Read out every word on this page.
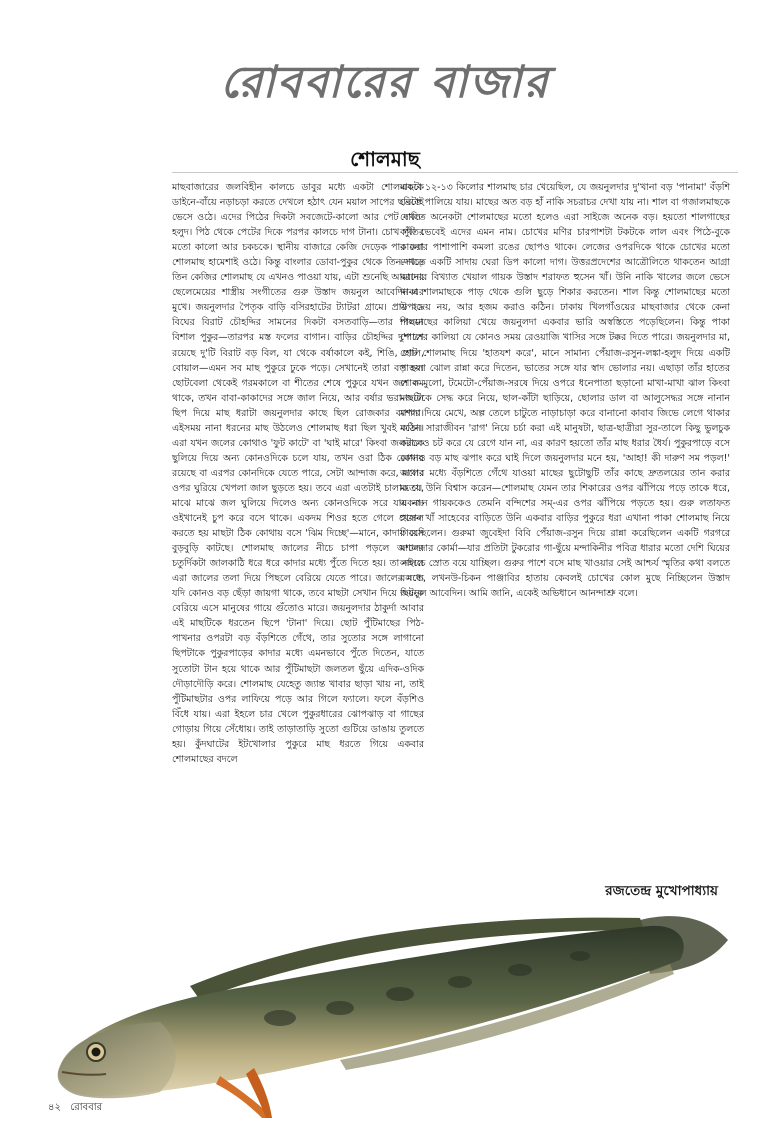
রোববারের বাজার
শোলমাছ

মাছবাজারের জলবিহীন কালচে ডাবুর মধ্যে একটা শোলমাছকে ডাইনে-বাঁয়ে নড়াচড়া করতে দেখলে হঠাৎ যেন ময়াল সাপের ছবিটাই ভেসে ওঠে। এদের পিঠের দিকটা সবজেটে-কালো আর পেট বালি-হলুদ। পিঠ থেকে পেটের দিকে পরপর কালচে দাগ টানা। চোখ পুঁতির মতো কালো আর চকচকে। স্থানীয় বাজারে কেজি দেড়েক পার করা শোলমাছ হামেশাই ওঠে। কিন্তু বাংলার ডোবা-পুকুর থেকে তিন-সাড়ে তিন কেজির শোলমাছ যে এখনও পাওয়া যায়, এটা শুনেছি আমাদের ছেলেমেয়ের শাস্ত্রীয় সংগীতের গুরু উস্তাদ জয়নুল আবেদিন-এর মুখে। জয়নুলদার পৈতৃক বাড়ি বসিরহাটের ট্যাটরা গ্রামে। প্রায় ২৯ বিঘের বিরাট চৌহদ্দির সামনের দিকটা বসতবাড়ি—তার পিছনে বিশাল পুকুর—তারপর মস্ত ফলের বাগান। বাড়ির চৌহদ্দির দু'পাশে রয়েছে দু'টি বিরাট বড় বিল, যা থেকে বর্ষাকালে কই, শিঙি, শোল, বোয়াল—এমন সব মাছ পুকুরে ঢুকে পড়ে। সেখানেই তারা বড় হয়। ছোটবেলা থেকেই গরমকালে বা শীতের শেষে পুকুরে যখন জল কম থাকে, তখন বাবা-কাকাদের সঙ্গে জাল নিয়ে, আর বর্ষার ভরা-জলে ছিপ দিয়ে মাছ ধরাটা জয়নুলদার কাছে ছিল রোজকার ব্যাপার। এইসময় নানা ধরনের মাছ উঠলেও শোলমাছ ধরা ছিল খুবই কঠিন। এরা যখন জলের কোথাও 'ফুট কাটে' বা 'ঘাই মারে' কিংবা জলটাকে ছুলিয়ে দিয়ে অন্য কোনওদিকে চলে যায়, তখন ওরা ঠিক কোথায় রয়েছে বা এরপর কোনদিকে যেতে পারে, সেটা আন্দাজ করে, মাথার ওপর ঘুরিয়ে খেপলা জাল ছুড়তে হয়। তবে এরা এতটাই চালাক যে, মাঝে মাঝে জল ঘুলিয়ে দিলেও অন্য কোনওদিকে সরে যায় না। ওইখানেই চুপ করে বসে থাকে। একদম শিওর হতে গেলে খেয়াল করতে হয় মাছটা ঠিক কোথায় বসে 'ঝিম দিচ্ছে'—মানে, কাদায় বসে বুড়বুড়ি কাটছে। শোলমাছ জালের নীচে চাপা পড়লে জালের চতুর্দিকটা জালকাঠি ধরে ধরে কাদার মধ্যে পুঁতে দিতে হয়। তা নইলে এরা জালের তলা দিয়ে পিছলে বেরিয়ে যেতে পারে। জালের মধ্যে যদি কোনও বড় ছেঁড়া জায়গা থাকে, তবে মাছটা সেখান দিয়ে ছিটকে বেরিয়ে এসে মানুষের গায়ে গুঁতোও মারে। জয়নুলদার ঠাকুর্দা আবার এই মাছটিকে ধরতেন ছিপে 'টানা' দিয়ে। ছোট পুঁটিমাছের পিঠ-পাখনার ওপরটা বড় বঁড়শিতে গেঁথে, তার সুতোর সঙ্গে লাগানো ছিপটাকে পুকুরপাড়ের কাদার মধ্যে এমনভাবে পুঁতে দিতেন, যাতে সুতোটা টান হয়ে থাকে আর পুঁটিমাছটা জলতল ছুঁয়ে এদিক-ওদিক দৌড়াদৌড়ি করে। শোলমাছ যেহেতু জ্যান্ত খাবার ছাড়া খায় না, তাই পুঁটিমাছটার ওপর লাফিয়ে পড়ে আর গিলে ফ্যালে। ফলে বঁড়শিও বিঁধে যায়। এরা ইহলে চার খেলে পুকুরধারের ঝোপঝাড় বা গাছের গোড়ায় গিয়ে সেঁধোয়। তাই তাড়াতাড়ি সুতো গুটিয়ে ডাঙায় তুলতে হয়। কুঁদঘাটের ইটখোলার পুকুরে মাছ ধরতে গিয়ে একবার শোলমাছের বদলে

একটা ১২-১৩ কিলোর শালমাছ চার খেয়েছিল, যে জয়নুলদার দু'খানা বড় 'পানামা' বঁড়শি ভেঙে পালিয়ে যায়। মাছের অত বড় হাঁ নাকি সচরাচর দেখা যায় না। শাল বা গজালমাছকে দেখতে অনেকটা শোলমাছের মতো হলেও এরা সাইজে অনেক বড়। হয়তো শালগাছের কথা ভেবেই এদের এমন নাম। চোখের মণির চারপাশটা টকটকে লাল এবং পিঠে-বুকে কালোর পাশাপাশি কমলা রঙের ছোপও থাকে। লেজের ওপরদিকে থাকে চোখের মতো দেখতে একটি সাদায় ঘেরা ডিপ কালো দাগ। উত্তরপ্রদেশের আত্রৌলিতে থাকতেন আগ্রা ঘরানার বিখ্যাত খেয়াল গায়ক উস্তাদ শরাফত হুসেন খাঁ। উনি নাকি খালের জলে ভেসে থাকা শালমাছকে পাড় থেকে গুলি ছুড়ে শিকার করতেন। শাল কিন্তু শোলমাছের মতো উপাদেয় নয়, আর হজম করাও কঠিন। ঢাকায় খিলগাঁওয়ের মাছবাজার থেকে কেনা শালমাছের কালিয়া খেয়ে জয়নুলদা একবার ভারি অস্বস্তিতে পড়েছিলেন। কিন্তু পাকা শোলের কালিয়া যে কোনও সময় রেওয়াজি খাসির সঙ্গে টক্কর দিতে পারে। জয়নুলদার মা, ছোট শোলমাছ দিয়ে 'হাতযশ করে', মানে সামান্য পেঁয়াজ-রসুন-লঙ্কা-হলুদ দিয়ে একটি পাতলা ঝোল রান্না করে দিতেন, ভাতের সঙ্গে যার স্বাদ ভোলার নয়। এছাড়া তাঁর হাতের শোল মুলো, টমেটো-পেঁয়াজ-সরষে দিয়ে ওপরে ধনেপাতা ছড়ানো মাখা-মাখা ঝাল কিংবা মাছটিকে সেদ্ধ করে নিয়ে, ছাল-কাঁটা ছাড়িয়ে, ছোলার ডাল বা আলুসেদ্ধর সঙ্গে নানান মশলা দিয়ে মেখে, অল্প তেলে চাটুতে নাড়াচাড়া করে বানানো কাবাব জিভে লেগে থাকার মতো। সারাজীবন 'রাগ' নিয়ে চর্চা করা এই মানুষটা, ছাত্র-ছাত্রীরা সুর-তালে কিছু ভুলচুক করলেও চট করে যে রেগে যান না, এর কারণ হয়তো তাঁর মাছ ধরার ধৈর্য। পুকুরপাড়ে বসে কোনও বড় মাছ ঝপাং করে ঘাই দিলে জয়নুলদার মনে হয়, 'আহা! কী দারুণ সম পড়ল!' জলের মধ্যে বঁড়শিতে গেঁথে যাওয়া মাছের ছুটোছুটি তাঁর কাছে দ্রুতলয়ের তান করার মতো। উনি বিশ্বাস করেন—শোলমাছ যেমন তার শিকারের ওপর ঝাঁপিয়ে পড়ে তাকে ধরে, একজন গায়ককেও তেমনি বন্দিশের সম্-এর ওপর ঝাঁপিয়ে পড়তে হয়। গুরু লতাফত হুসেন খাঁ সাহেবের বাড়িতে উনি একবার বাড়ির পুকুরে ধরা এখানা পাকা শোলমাছ নিয়ে গিয়েছিলেন। গুরুমা জুবেইদা বিবি পেঁয়াজ-রসুন দিয়ে রান্না করেছিলেন একটি গরগরে মশালদার কোর্মা—যার প্রতিটা টুকরোর গা-ছুঁয়ে মন্দাকিনীর পবিত্র ধারার মতো দেশি ঘিয়ের লালচে স্রোত বয়ে যাচ্ছিল। গুরুর পাশে বসে মাছ খাওয়ার সেই আশ্চর্য স্মৃতির কথা বলতে বলতে, লখনউ-চিকন পাঞ্জাবির হাতায় কেবলই চোখের কোল মুছে নিচ্ছিলেন উস্তাদ জয়নুল আবেদিন। আমি জানি, একেই অভিধানে আনন্দাশ্রু বলে।

রজতেন্দ্র মুখোপাধ্যায়
৪২ রোববার
